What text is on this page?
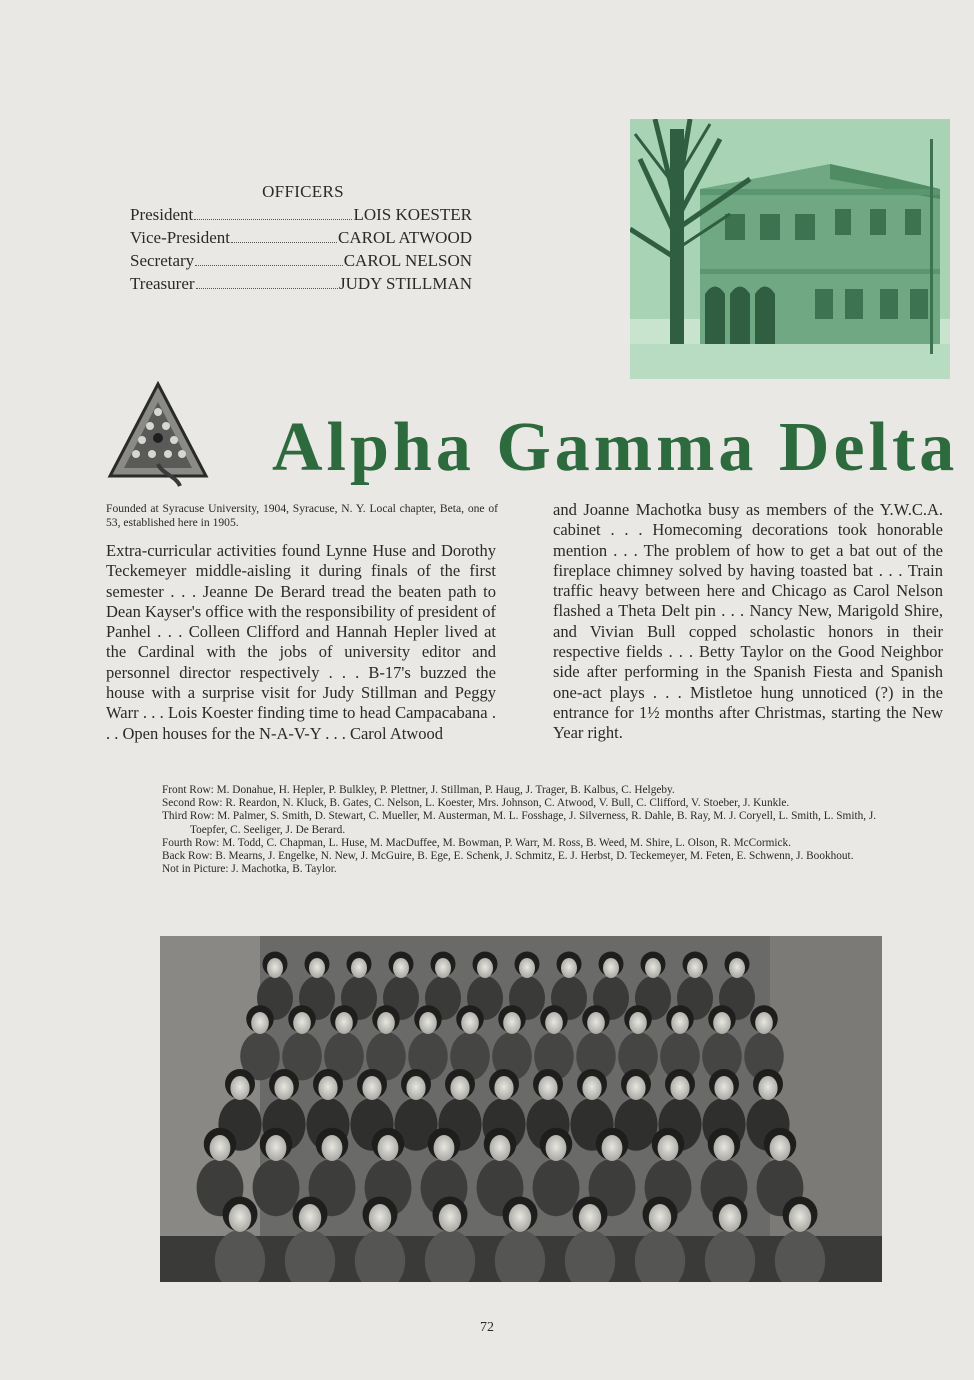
OFFICERS
President	LOIS KOESTER
Vice-President	CAROL ATWOOD
Secretary	CAROL NELSON
Treasurer	JUDY STILLMAN
Alpha Gamma Delta
Founded at Syracuse University, 1904, Syracuse, N. Y. Local chapter, Beta, one of 53, established here in 1905.
Extra-curricular activities found Lynne Huse and Dorothy Teckemeyer middle-aisling it during finals of the first semester . . . Jeanne De Berard tread the beaten path to Dean Kayser's office with the responsibility of president of Panhel . . . Colleen Clifford and Hannah Hepler lived at the Cardinal with the jobs of university editor and personnel director respectively . . . B-17's buzzed the house with a surprise visit for Judy Stillman and Peggy Warr . . . Lois Koester finding time to head Campacabana . . . Open houses for the N-A-V-Y . . . Carol Atwood
and Joanne Machotka busy as members of the Y.W.C.A. cabinet . . . Homecoming decorations took honorable mention . . . The problem of how to get a bat out of the fireplace chimney solved by having toasted bat . . . Train traffic heavy between here and Chicago as Carol Nelson flashed a Theta Delt pin . . . Nancy New, Marigold Shire, and Vivian Bull copped scholastic honors in their respective fields . . . Betty Taylor on the Good Neighbor side after performing in the Spanish Fiesta and Spanish one-act plays . . . Mistletoe hung unnoticed (?) in the entrance for 1½ months after Christmas, starting the New Year right.
Front Row: M. Donahue, H. Hepler, P. Bulkley, P. Plettner, J. Stillman, P. Haug, J. Trager, B. Kalbus, C. Helgeby.
Second Row: R. Reardon, N. Kluck, B. Gates, C. Nelson, L. Koester, Mrs. Johnson, C. Atwood, V. Bull, C. Clifford, V. Stoeber, J. Kunkle.
Third Row: M. Palmer, S. Smith, D. Stewart, C. Mueller, M. Austerman, M. L. Fosshage, J. Silverness, R. Dahle, B. Ray, M. J. Coryell, L. Smith, L. Smith, J. Toepfer, C. Seeliger, J. De Berard.
Fourth Row: M. Todd, C. Chapman, L. Huse, M. MacDuffee, M. Bowman, P. Warr, M. Ross, B. Weed, M. Shire, L. Olson, R. McCormick.
Back Row: B. Mearns, J. Engelke, N. New, J. McGuire, B. Ege, E. Schenk, J. Schmitz, E. J. Herbst, D. Teckemeyer, M. Feten, E. Schwenn, J. Bookhout.
Not in Picture: J. Machotka, B. Taylor.
72
